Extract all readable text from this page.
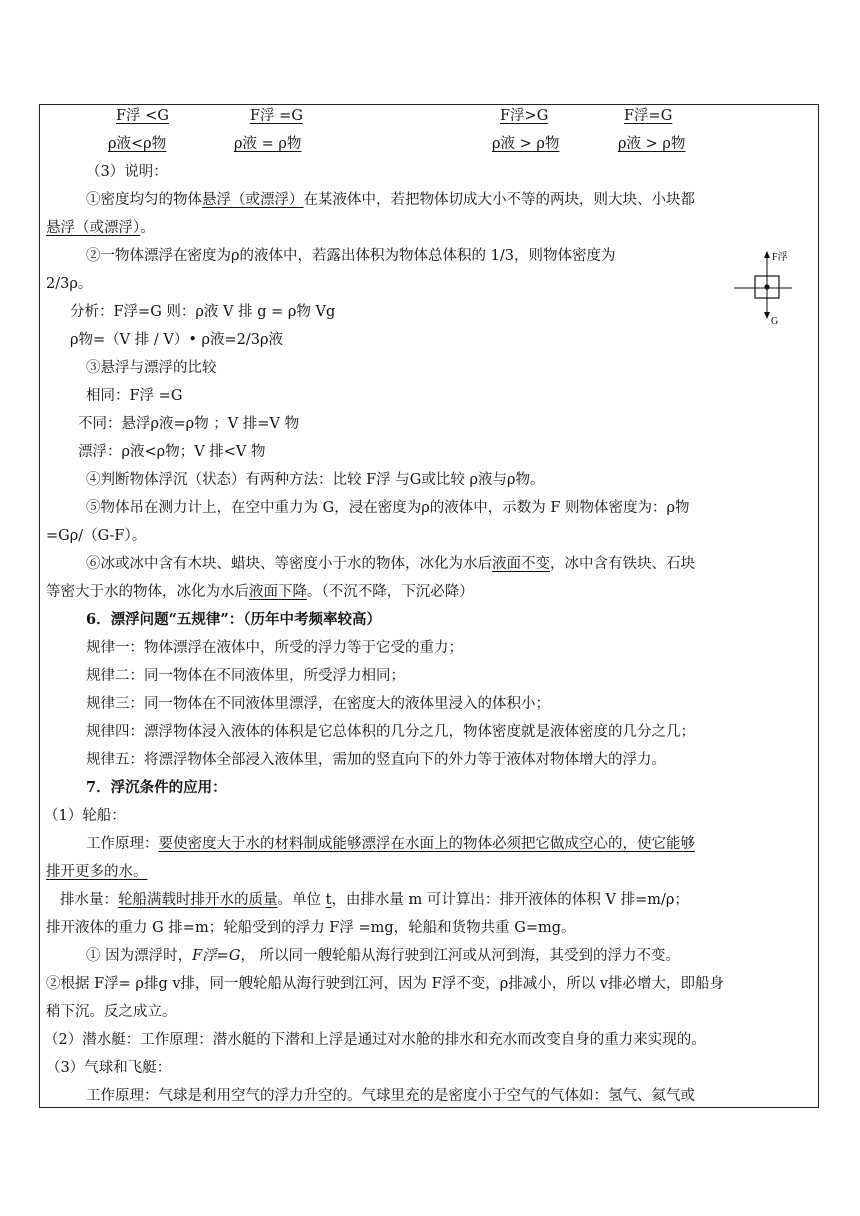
F浮 <G	F浮 =G	F浮>G	F浮=G
ρ液<ρ物	ρ液 = ρ物	ρ液 > ρ物	ρ液 > ρ物
（3）说明：
①密度均匀的物体悬浮（或漂浮）在某液体中，若把物体切成大小不等的两块，则大块、小块都
悬浮（或漂浮）。
②一物体漂浮在密度为ρ的液体中，若露出体积为物体总体积的 1/3，则物体密度为
2/3ρ。
分析：F浮=G 则：ρ液 V 排 g = ρ物 Vg
ρ物=（V 排 / V）• ρ液=2/3ρ液
③悬浮与漂浮的比较
相同：F浮 =G
不同：悬浮ρ液=ρ物 ；V 排=V 物
漂浮：ρ液<ρ物；V 排<V 物
④判断物体浮沉（状态）有两种方法：比较 F浮 与G或比较 ρ液与ρ物。
⑤物体吊在测力计上，在空中重力为 G，浸在密度为ρ的液体中，示数为 F 则物体密度为：ρ物
=Gρ/（G-F）。
⑥冰或冰中含有木块、蜡块、等密度小于水的物体，冰化为水后液面不变，冰中含有铁块、石块
等密大于水的物体，冰化为水后液面下降。（不沉不降，下沉必降）
F浮
G
6．漂浮问题“五规律”：（历年中考频率较高）
规律一：物体漂浮在液体中，所受的浮力等于它受的重力；
规律二：同一物体在不同液体里，所受浮力相同；
规律三：同一物体在不同液体里漂浮，在密度大的液体里浸入的体积小；
规律四：漂浮物体浸入液体的体积是它总体积的几分之几，物体密度就是液体密度的几分之几；
规律五：将漂浮物体全部浸入液体里，需加的竖直向下的外力等于液体对物体增大的浮力。
7．浮沉条件的应用：
（1）轮船：
工作原理：要使密度大于水的材料制成能够漂浮在水面上的物体必须把它做成空心的，使它能够
排开更多的水。
排水量：轮船满载时排开水的质量。单位 t，由排水量 m 可计算出：排开液体的体积 V 排=m/ρ；
排开液体的重力 G 排=m；轮船受到的浮力 F浮 =mg，轮船和货物共重 G=mg。
① 因为漂浮时，F浮=G， 所以同一艘轮船从海行驶到江河或从河到海，其受到的浮力不变。
②根据 F浮= ρ排g v排，同一艘轮船从海行驶到江河，因为 F浮不变，ρ排减小，所以 v排必增大，即船身
稍下沉。反之成立。
（2）潜水艇：工作原理：潜水艇的下潜和上浮是通过对水舱的排水和充水而改变自身的重力来实现的。
（3）气球和飞艇：
工作原理：气球是利用空气的浮力升空的。气球里充的是密度小于空气的气体如：氢气、氦气或
